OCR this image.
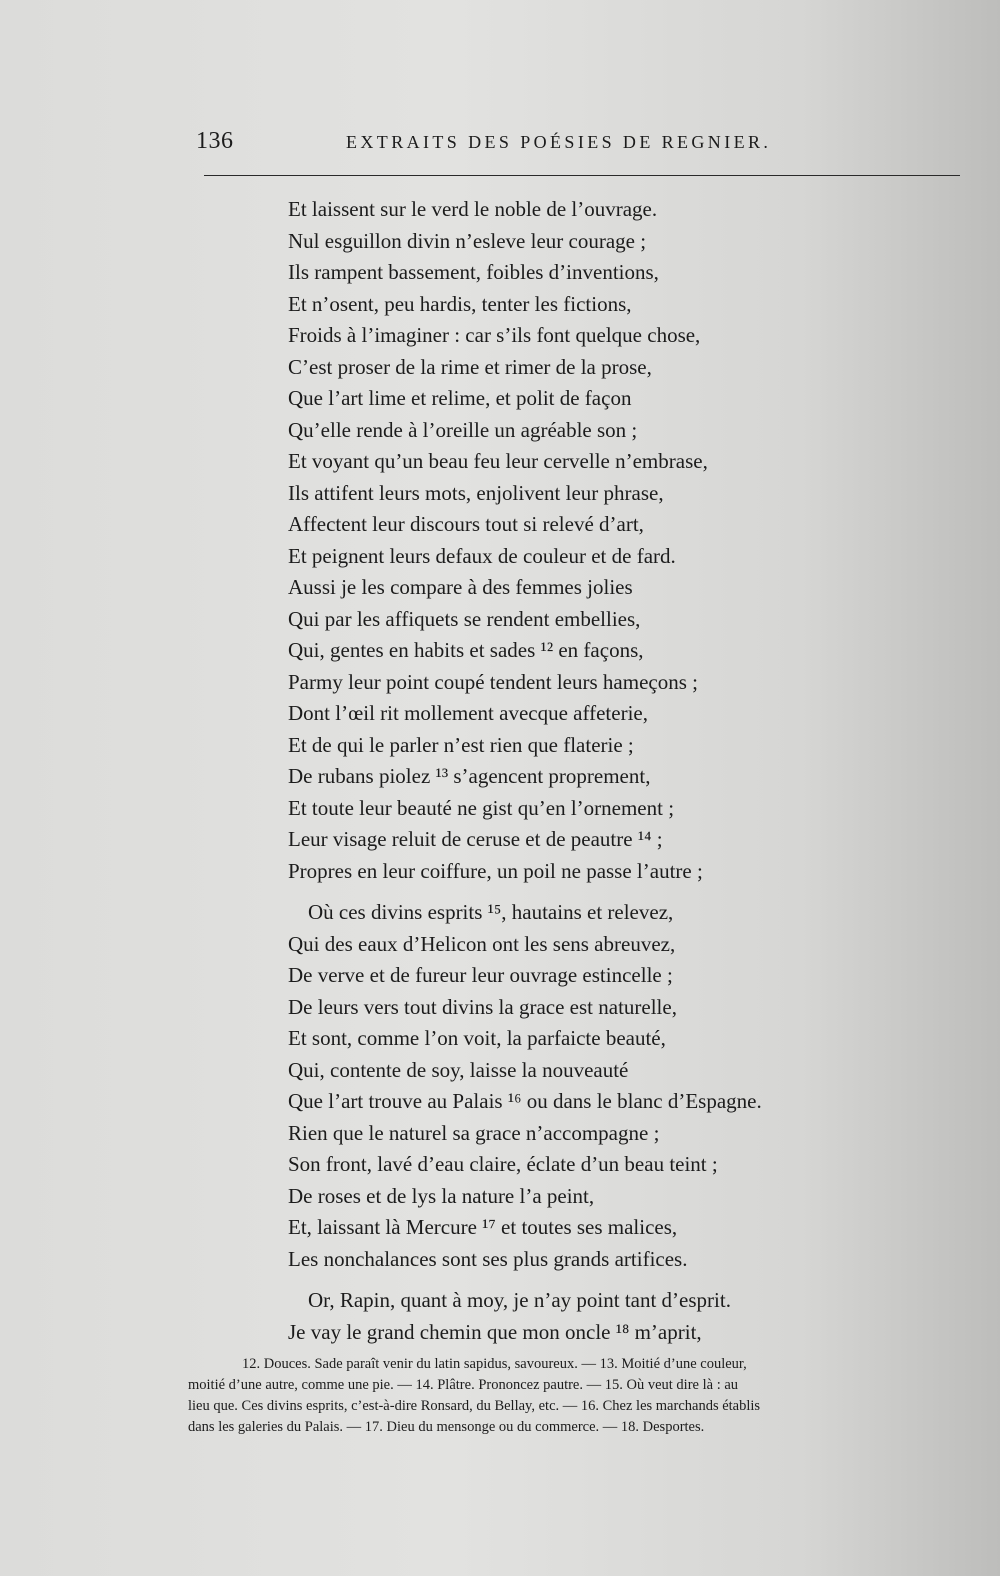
136	EXTRAITS DES POÉSIES DE REGNIER.
Et laissent sur le verd le noble de l’ouvrage.
Nul esguillon divin n’esleve leur courage ;
Ils rampent bassement, foibles d’inventions,
Et n’osent, peu hardis, tenter les fictions,
Froids à l’imaginer : car s’ils font quelque chose,
C’est proser de la rime et rimer de la prose,
Que l’art lime et relime, et polit de façon
Qu’elle rende à l’oreille un agréable son ;
Et voyant qu’un beau feu leur cervelle n’embrase,
Ils attifent leurs mots, enjolivent leur phrase,
Affectent leur discours tout si relevé d’art,
Et peignent leurs defaux de couleur et de fard.
Aussi je les compare à des femmes jolies
Qui par les affiquets se rendent embellies,
Qui, gentes en habits et sades ¹² en façons,
Parmy leur point coupé tendent leurs hameçons ;
Dont l’œil rit mollement avecque affeterie,
Et de qui le parler n’est rien que flaterie ;
De rubans piolez ¹³ s’agencent proprement,
Et toute leur beauté ne gist qu’en l’ornement ;
Leur visage reluit de ceruse et de peautre ¹⁴ ;
Propres en leur coiffure, un poil ne passe l’autre ;
Où ces divins esprits ¹⁵, hautains et relevez,
Qui des eaux d’Helicon ont les sens abreuvez,
De verve et de fureur leur ouvrage estincelle ;
De leurs vers tout divins la grace est naturelle,
Et sont, comme l’on voit, la parfaicte beauté,
Qui, contente de soy, laisse la nouveauté
Que l’art trouve au Palais ¹⁶ ou dans le blanc d’Espagne.
Rien que le naturel sa grace n’accompagne ;
Son front, lavé d’eau claire, éclate d’un beau teint ;
De roses et de lys la nature l’a peint,
Et, laissant là Mercure ¹⁷ et toutes ses malices,
Les nonchalances sont ses plus grands artifices.
Or, Rapin, quant à moy, je n’ay point tant d’esprit.
Je vay le grand chemin que mon oncle ¹⁸ m’aprit,

12. Douces. Sade paraît venir du latin sapidus, savoureux. — 13. Moitié d’une couleur,

moitié d’une autre, comme une pie. — 14. Plâtre. Prononcez pautre. — 15. Où veut dire là : au

lieu que. Ces divins esprits, c’est-à-dire Ronsard, du Bellay, etc. — 16. Chez les marchands établis

dans les galeries du Palais. — 17. Dieu du mensonge ou du commerce. — 18. Desportes.
